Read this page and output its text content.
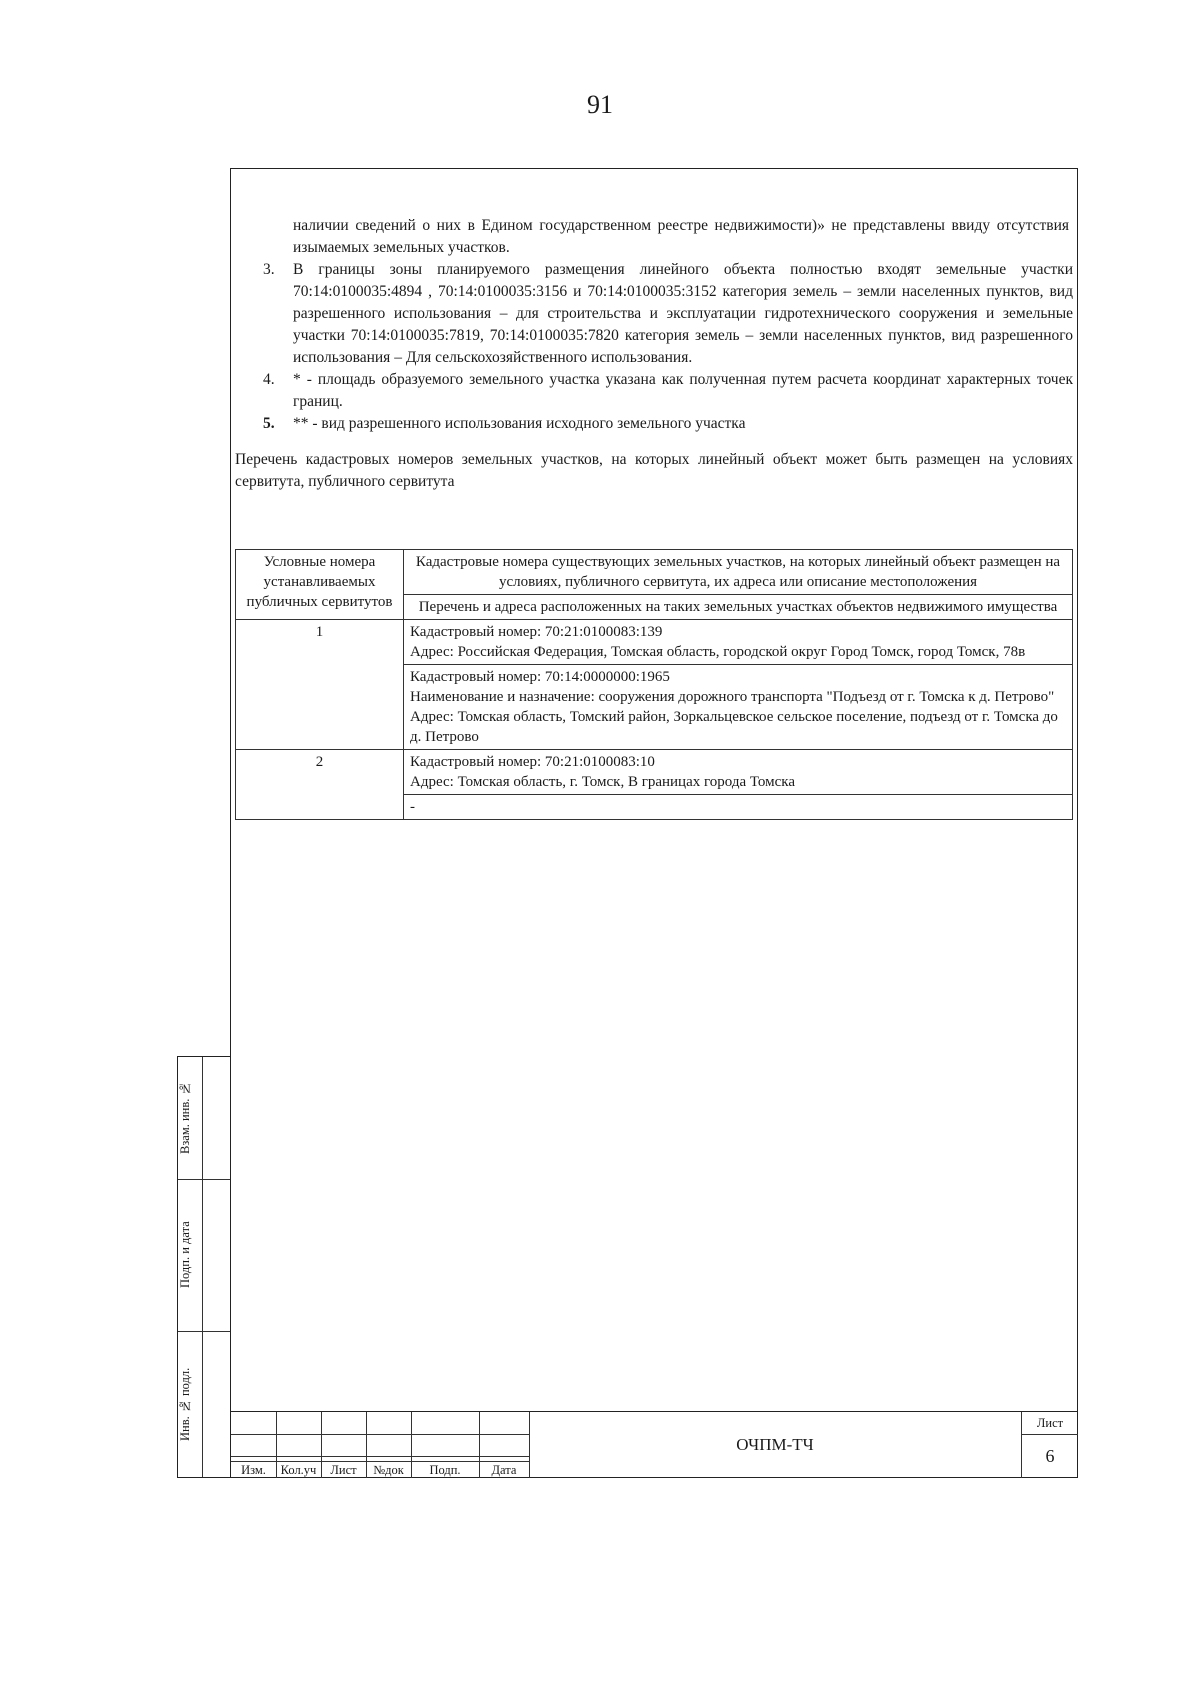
91
Взам. инв. №
Подп. и дата
Инв. № подл.

наличии сведений о них в Едином государственном реестре недвижимости)» не представлены ввиду отсутствия изымаемых земельных участков.

3. В границы зоны планируемого размещения линейного объекта полностью входят земельные участки 70:14:0100035:4894 , 70:14:0100035:3156 и 70:14:0100035:3152 категория земель – земли населенных пунктов, вид разрешенного использования – для строительства и эксплуатации гидротехнического сооружения и земельные участки 70:14:0100035:7819, 70:14:0100035:7820 категория земель – земли населенных пунктов, вид разрешенного использования – Для сельскохозяйственного использования.
4. * - площадь образуемого земельного участка указана как полученная путем расчета координат характерных точек границ.
5. ** - вид разрешенного использования исходного земельного участка

Перечень кадастровых номеров земельных участков, на которых линейный объект может быть размещен на условиях сервитута, публичного сервитута

Условные номера устанавливаемых публичных сервитутов	Кадастровые номера существующих земельных участков, на которых линейный объект размещен на условиях, публичного сервитута, их адреса или описание местоположения
	Перечень и адреса расположенных на таких земельных участках объектов недвижимого имущества
1	Кадастровый номер: 70:21:0100083:139
Адрес: Российская Федерация, Томская область, городской округ Город Томск, город Томск, 78в

	Кадастровый номер: 70:14:0000000:1965
Наименование и назначение: сооружения дорожного транспорта "Подъезд от г. Томска к д. Петрово"
Адрес: Томская область, Томский район, Зоркальцевское сельское поселение, подъезд от г. Томска до д. Петрово

2	Кадастровый номер: 70:21:0100083:10
Адрес: Томская область, г. Томск, В границах города Томска

	-
Изм.	Кол.уч	Лист	№док	Подп.	Дата
ОЧПМ-ТЧ
Лист
6
